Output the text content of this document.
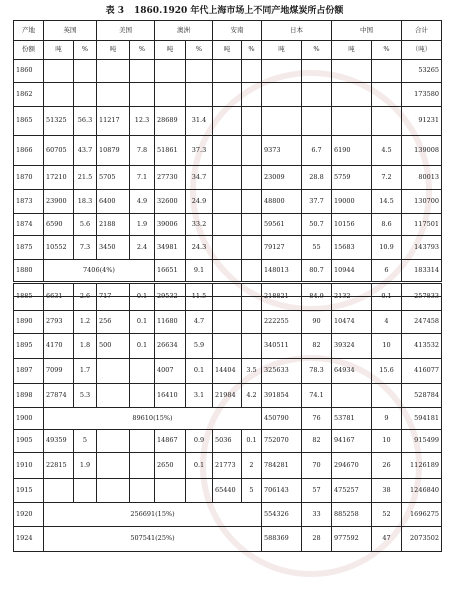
表 3 1860.1920 年代上海市场上不同产地煤炭所占份额
产地	英国		美国		澳洲		安南		日本		中国		合计
份额	吨	%	吨	%	吨	%	吨	%	吨	%	吨	%	（吨）
1860													53265
1862													173580
1865	51325	56.3	11217	12.3	28689	31.4							91231
1866	60705	43.7	10879	7.8	51861	37.3			9373	6.7	6190	4.5	139008
1870	17210	21.5	5705	7.1	27730	34.7			23009	28.8	5759	7.2	80013
1873	23900	18.3	6400	4.9	32600	24.9			48800	37.7	19000	14.5	130700
1874	6590	5.6	2188	1.9	39006	33.2			59561	50.7	10156	8.6	117501
1875	10552	7.3	3450	2.4	34981	24.3			79127	55	15683	10.9	143793
1880	7406(4%)				16651	9.1			148013	80.7	10944	6	183314
1885	6631	2.6	717	0.1	29532	11.5			218821	84.9	2132	0.1	257833
1890	2793	1.2	256	0.1	11680	4.7			222255	90	10474	4	247458
1895	4170	1.8	500	0.1	26634	5.9			340511	82	39324	10	413532
1897	7099	1.7			4007	0.1	14404	3.5	325633	78.3	64934	15.6	416077
1898	27874	5.3			16410	3.1	21984	4.2	391854	74.1			528784
1900	89610(15%)								450790	76	53781	9	594181
1905	49359	5			14867	0.9	5036	0.1	752070	82	94167	10	915499
1910	22815	1.9			2650	0.1	21773	2	784281	70	294670	26	1126189
1915							65440	5	706143	57	475257	38	1246840
1920	256691(15%)								554326	33	885258	52	1696275
1924	507541(25%)								588369	28	977592	47	2073502
